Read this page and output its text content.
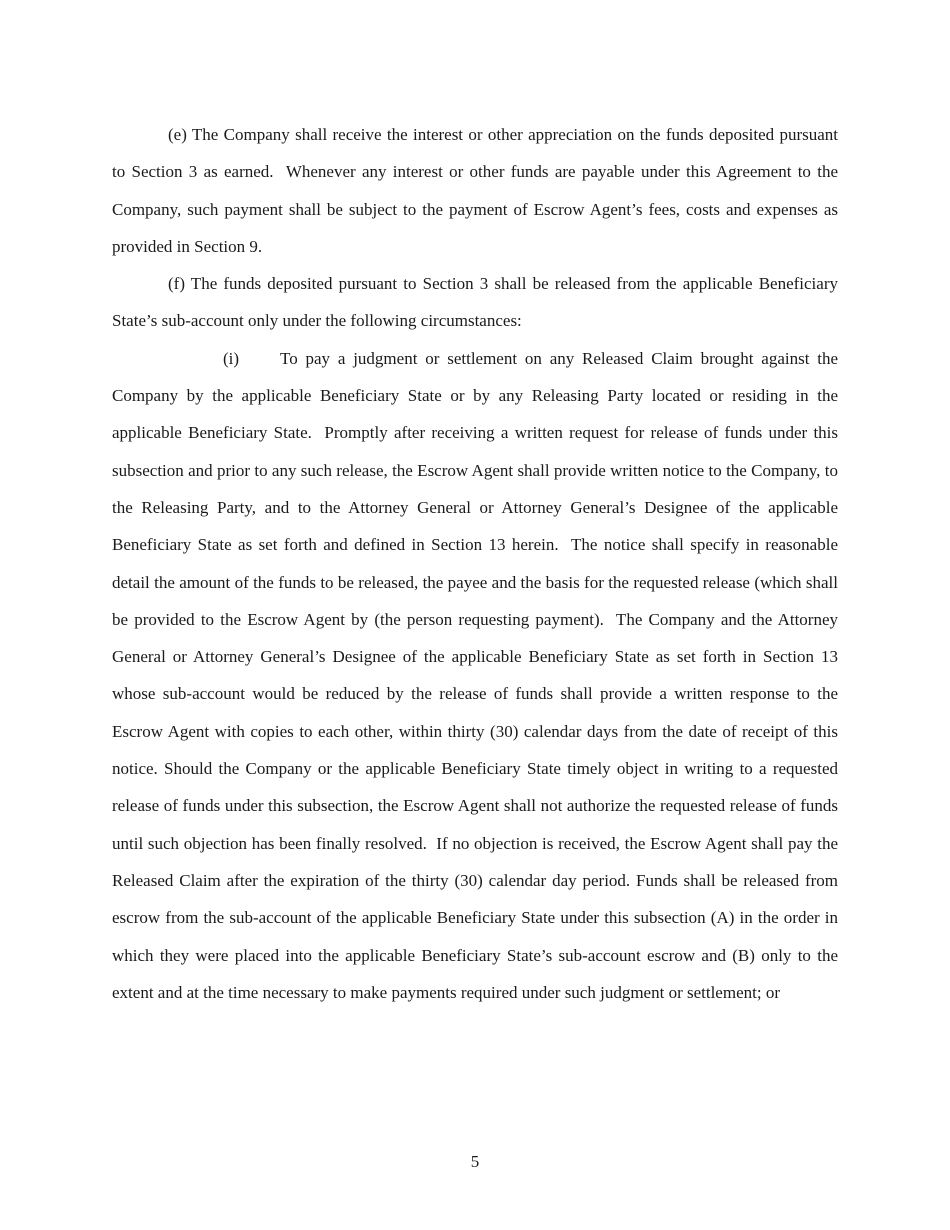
(e) The Company shall receive the interest or other appreciation on the funds deposited pursuant to Section 3 as earned.  Whenever any interest or other funds are payable under this Agreement to the Company, such payment shall be subject to the payment of Escrow Agent’s fees, costs and expenses as provided in Section 9.

(f) The funds deposited pursuant to Section 3 shall be released from the applicable Beneficiary State’s sub-account only under the following circumstances:

(i) To pay a judgment or settlement on any Released Claim brought against the Company by the applicable Beneficiary State or by any Releasing Party located or residing in the applicable Beneficiary State.  Promptly after receiving a written request for release of funds under this subsection and prior to any such release, the Escrow Agent shall provide written notice to the Company, to the Releasing Party, and to the Attorney General or Attorney General’s Designee of the applicable Beneficiary State as set forth and defined in Section 13 herein.  The notice shall specify in reasonable detail the amount of the funds to be released, the payee and the basis for the requested release (which shall be provided to the Escrow Agent by (the person requesting payment).  The Company and the Attorney General or Attorney General’s Designee of the applicable Beneficiary State as set forth in Section 13 whose sub-account would be reduced by the release of funds shall provide a written response to the Escrow Agent with copies to each other, within thirty (30) calendar days from the date of receipt of this notice. Should the Company or the applicable Beneficiary State timely object in writing to a requested release of funds under this subsection, the Escrow Agent shall not authorize the requested release of funds until such objection has been finally resolved.  If no objection is received, the Escrow Agent shall pay the Released Claim after the expiration of the thirty (30) calendar day period. Funds shall be released from escrow from the sub-account of the applicable Beneficiary State under this subsection (A) in the order in which they were placed into the applicable Beneficiary State’s sub-account escrow and (B) only to the extent and at the time necessary to make payments required under such judgment or settlement; or

5
